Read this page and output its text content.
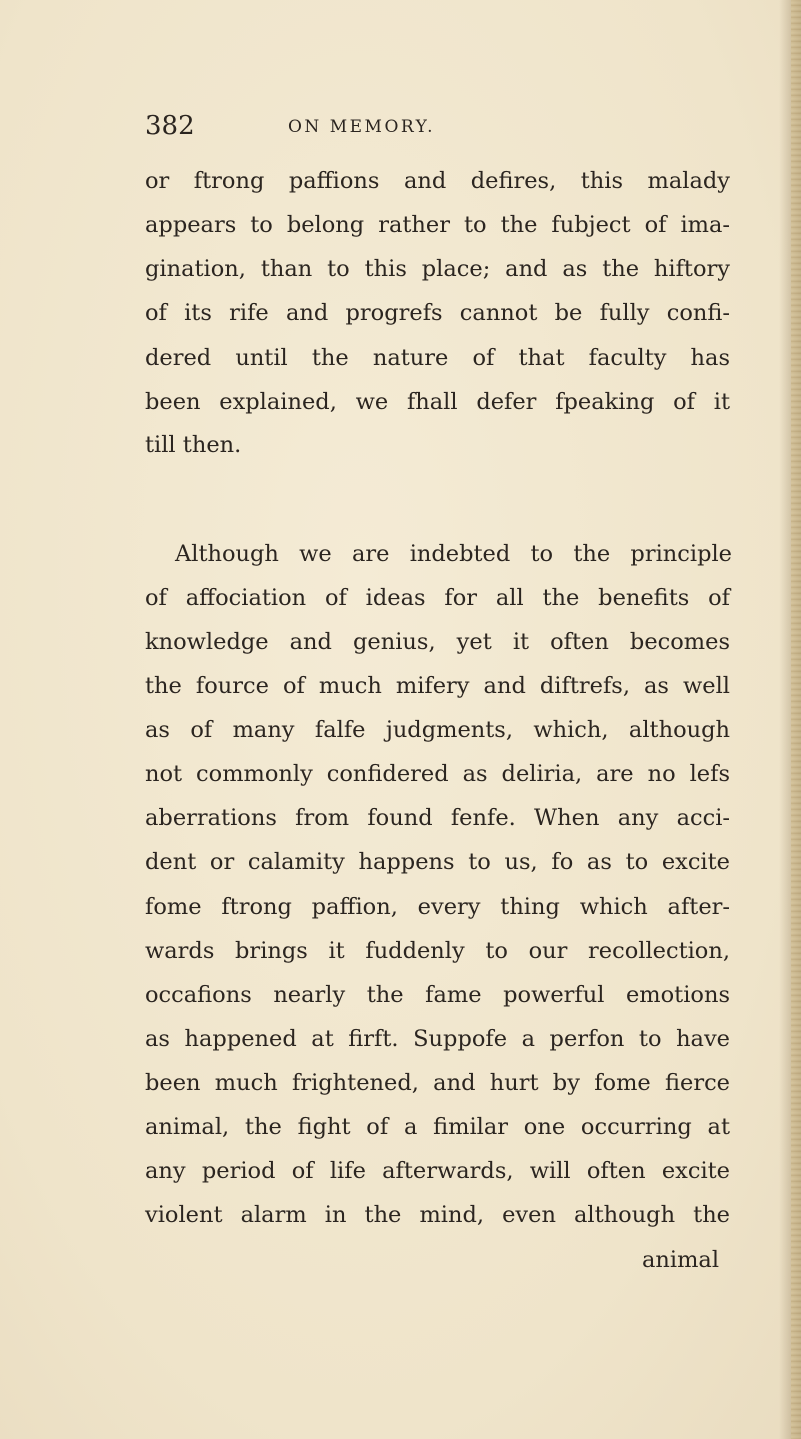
382	ON MEMORY.
or ftrong paffions and defires, this malady
appears to belong rather to the fubject of ima-
gination, than to this place; and as the hiftory
of its rife and progrefs cannot be fully confi-
dered until the nature of that faculty has
been explained, we fhall defer fpeaking of it
till then.
Although we are indebted to the principle
of affociation of ideas for all the benefits of
knowledge and genius, yet it often becomes
the fource of much mifery and diftrefs, as well
as of many falfe judgments, which, although
not commonly confidered as deliria, are no lefs
aberrations from found fenfe. When any acci-
dent or calamity happens to us, fo as to excite
fome ftrong paffion, every thing which after-
wards brings it fuddenly to our recollection,
occafions nearly the fame powerful emotions
as happened at firft. Suppofe a perfon to have
been much frightened, and hurt by fome fierce
animal, the fight of a fimilar one occurring at
any period of life afterwards, will often excite
violent alarm in the mind, even although the
animal
